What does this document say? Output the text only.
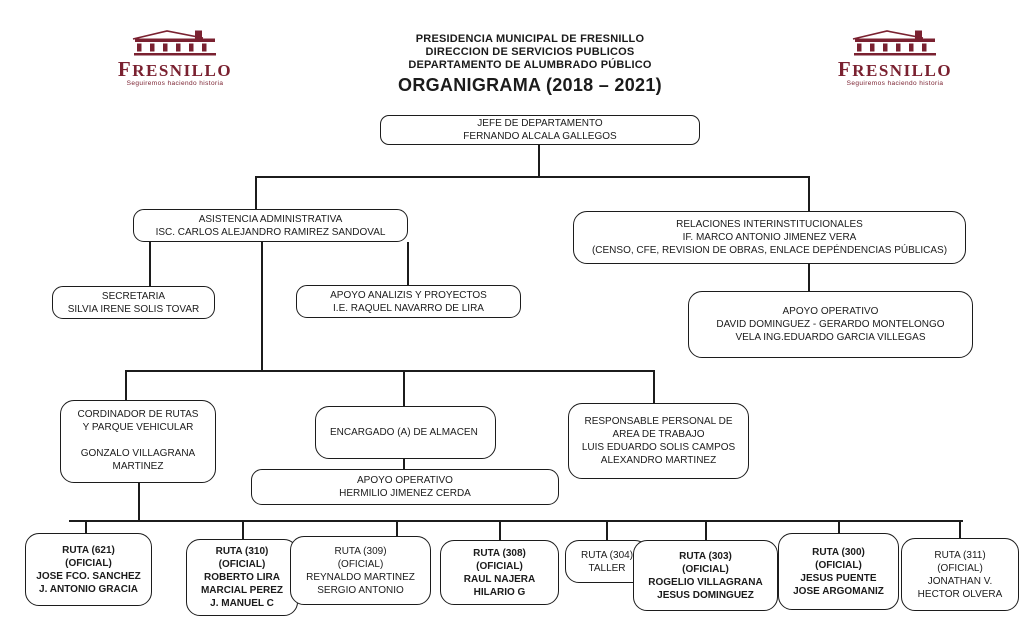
FRESNILLO
Seguiremos haciendo historia
FRESNILLO
Seguiremos haciendo historia
PRESIDENCIA MUNICIPAL DE FRESNILLO
DIRECCION DE SERVICIOS PUBLICOS
DEPARTAMENTO DE ALUMBRADO PÚBLICO
ORGANIGRAMA (2018 – 2021)
JEFE DE DEPARTAMENTO
FERNANDO ALCALA GALLEGOS
ASISTENCIA ADMINISTRATIVA
ISC. CARLOS ALEJANDRO RAMIREZ SANDOVAL
RELACIONES INTERINSTITUCIONALES
IF. MARCO ANTONIO JIMENEZ VERA
(CENSO, CFE, REVISION DE OBRAS, ENLACE DEPÉNDENCIAS PÚBLICAS)
SECRETARIA
SILVIA IRENE SOLIS TOVAR
APOYO ANALIZIS Y PROYECTOS
I.E. RAQUEL NAVARRO DE LIRA	APOYO OPERATIVO
DAVID DOMINGUEZ - GERARDO MONTELONGO
VELA ING.EDUARDO GARCIA VILLEGAS
CORDINADOR DE RUTAS
Y PARQUE VEHICULAR
GONZALO VILLAGRANA
MARTINEZ
ENCARGADO (A) DE ALMACEN
RESPONSABLE PERSONAL DE
AREA DE TRABAJO
LUIS EDUARDO SOLIS CAMPOS
ALEXANDRO MARTINEZ
APOYO OPERATIVO
HERMILIO JIMENEZ CERDA
RUTA (621)
(OFICIAL)
JOSE FCO. SANCHEZ
J. ANTONIO GRACIA
RUTA (310)
(OFICIAL)
ROBERTO LIRA
MARCIAL PEREZ
J. MANUEL C
RUTA (309)
(OFICIAL)
REYNALDO MARTINEZ
SERGIO ANTONIO
RUTA (308)
(OFICIAL)
RAUL NAJERA
HILARIO G
RUTA (304)
TALLER
RUTA (303)
(OFICIAL)
ROGELIO VILLAGRANA
JESUS DOMINGUEZ
RUTA (300)
(OFICIAL)
JESUS PUENTE
JOSE ARGOMANIZ
RUTA (311)
(OFICIAL)
JONATHAN V.
HECTOR OLVERA
